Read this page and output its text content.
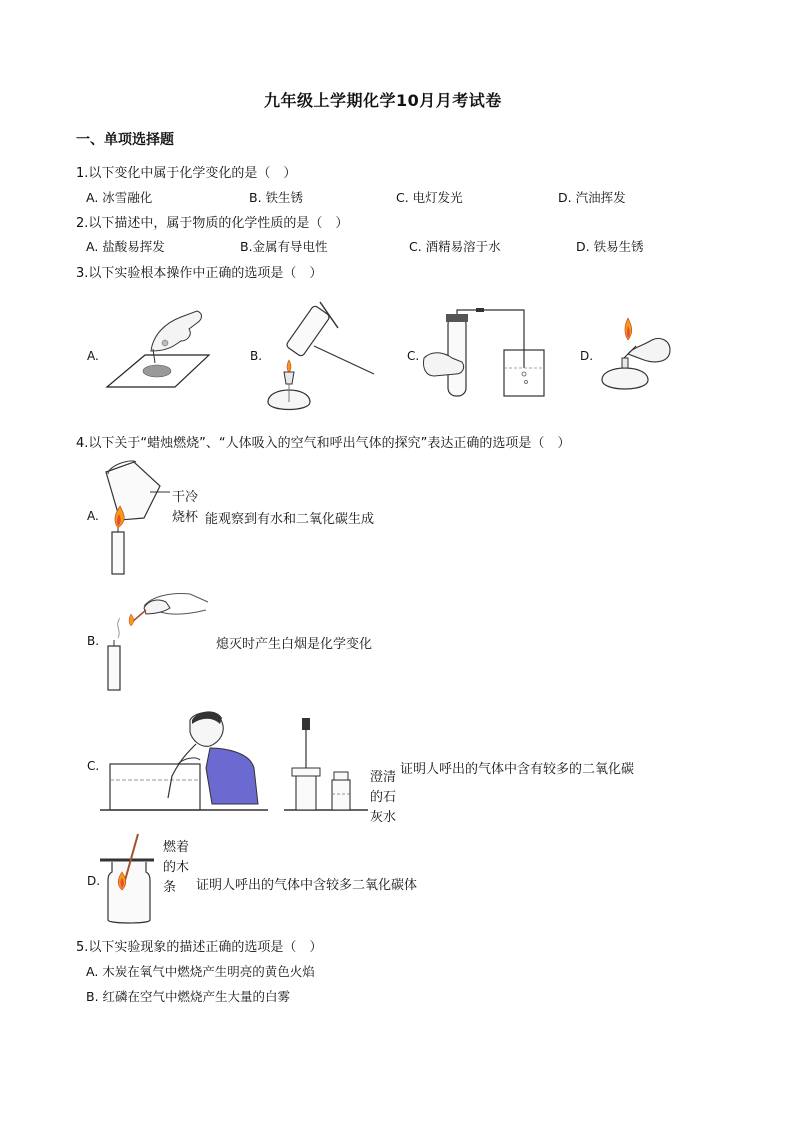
九年级上学期化学10月月考试卷
一、单项选择题
1.以下变化中属于化学变化的是（　）
A. 冰雪融化	B. 铁生锈	C. 电灯发光	D. 汽油挥发
2.以下描述中，属于物质的化学性质的是（　）
A. 盐酸易挥发	B.金属有导电性	C. 酒精易溶于水	D. 铁易生锈
3.以下实验根本操作中正确的选项是（　）
A.	B.	C.	D.
4.以下关于“蜡烛燃烧”、“人体吸入的空气和呼出气体的探究”表达正确的选项是（　）
A.
干冷
烧杯 能观察到有水和二氧化碳生成
B.	熄灭时产生白烟是化学变化
C.
澄清
的石
灰水
证明人呼出的气体中含有较多的二氧化碳
D.
燃着
的木
条 证明人呼出的气体中含较多二氧化碳体
5.以下实验现象的描述正确的选项是（　）
A. 木炭在氧气中燃烧产生明亮的黄色火焰
B. 红磷在空气中燃烧产生大量的白雾
